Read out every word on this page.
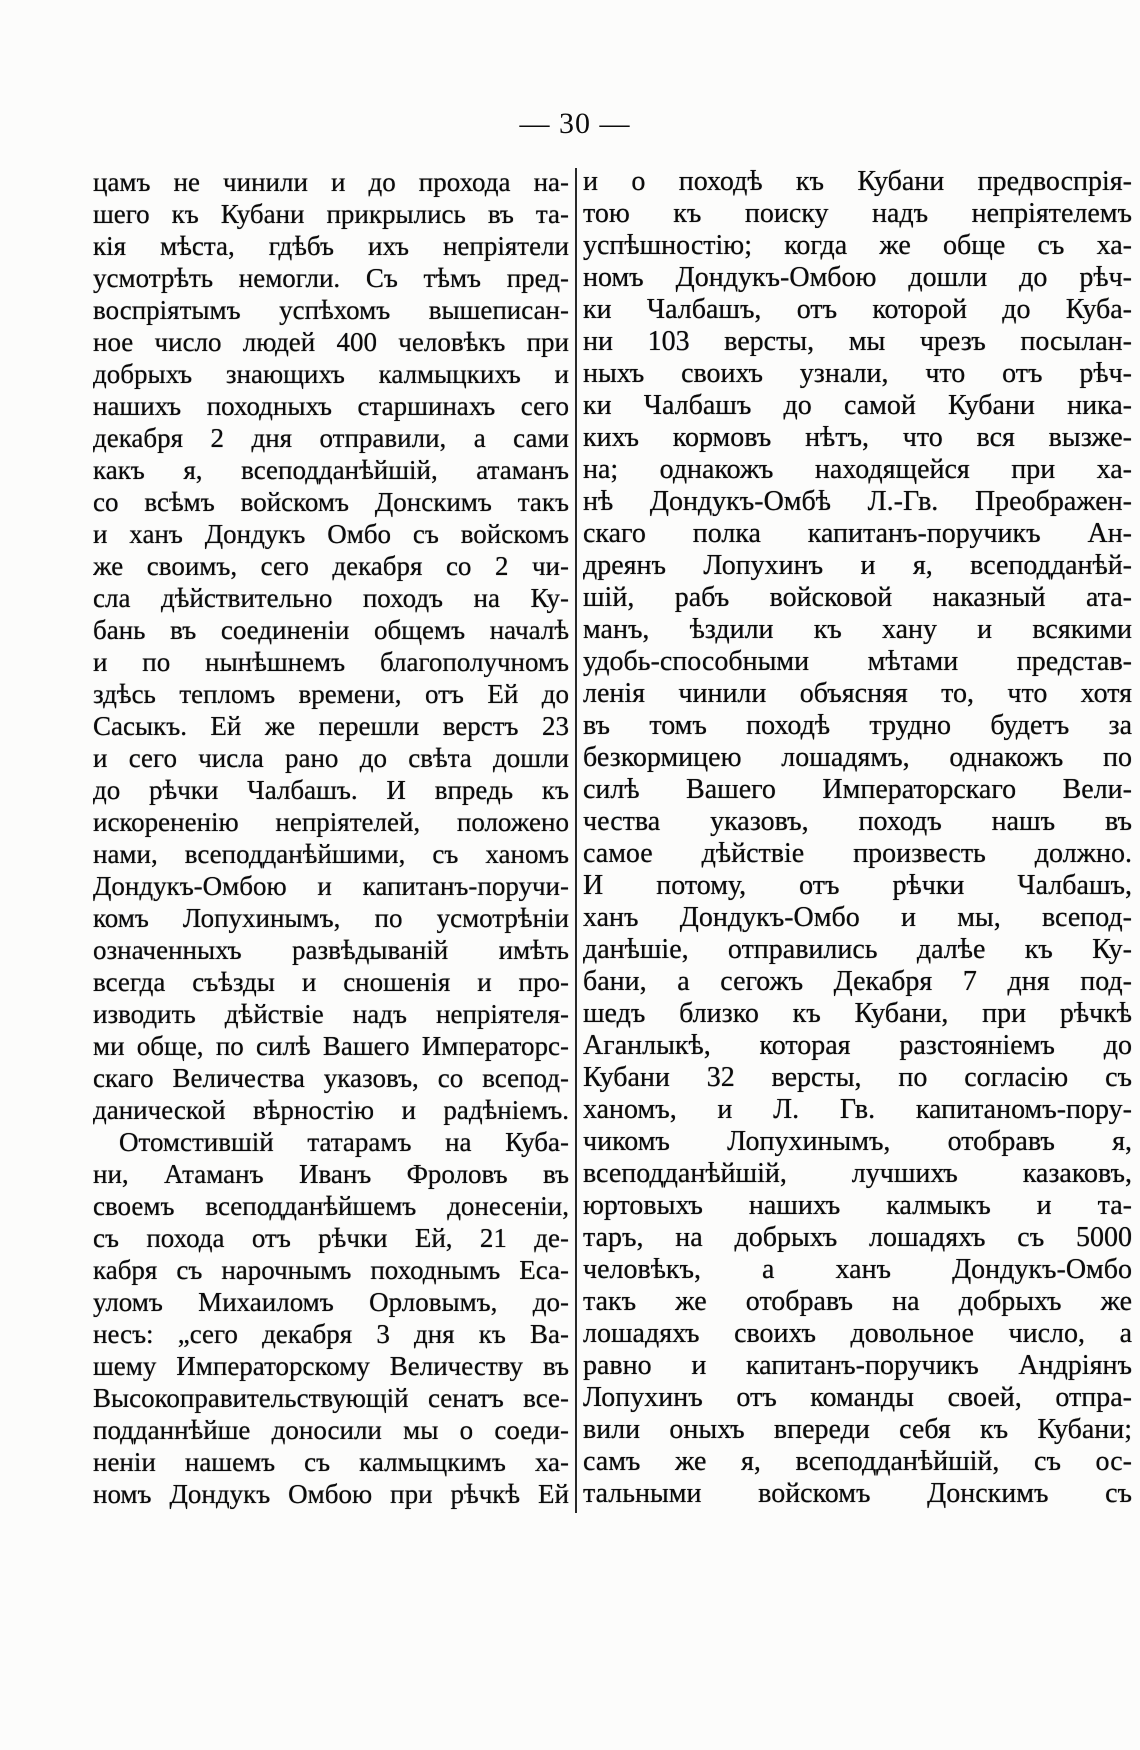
— 30 —
цамъ не чинили и до прохода на-
шего къ Кубани прикрылись въ та-
кія мѣста, гдѣбъ ихъ непріятели
усмотрѣть немогли. Съ тѣмъ пред-
воспріятымъ успѣхомъ вышеписан-
ное число людей 400 человѣкъ при
добрыхъ знающихъ калмыцкихъ и
нашихъ походныхъ старшинахъ сего
декабря 2 дня отправили, а сами
какъ я, всеподданѣйшій, атаманъ
со всѣмъ войскомъ Донскимъ такъ
и ханъ Дондукъ Омбо съ войскомъ
же своимъ, сего декабря со 2 чи-
сла дѣйствительно походъ на Ку-
бань въ соединеніи общемъ началѣ
и по нынѣшнемъ благополучномъ
здѣсь тепломъ времени, отъ Ей до
Сасыкъ. Ей же перешли верстъ 23
и сего числа рано до свѣта дошли
до рѣчки Чалбашъ. И впредь къ
искорененію непріятелей, положено
нами, всеподданѣйшими, съ ханомъ
Дондукъ-Омбою и капитанъ-поручи-
комъ Лопухинымъ, по усмотрѣніи
означенныхъ развѣдываній имѣть
всегда съѣзды и сношенія и про-
изводить дѣйствіе надъ непріятеля-
ми обще, по силѣ Вашего Императорс-
скаго Величества указовъ, со всепод-
данической вѣрностію и радѣніемъ.
Отомстившій татарамъ на Куба-
ни, Атаманъ Иванъ Фроловъ въ
своемъ всеподданѣйшемъ донесеніи,
съ похода отъ рѣчки Ей, 21 де-
кабря съ нарочнымъ походнымъ Еса-
уломъ Михаиломъ Орловымъ, до-
несъ: „сего декабря 3 дня къ Ва-
шему Императорскому Величеству въ
Высокоправительствующій сенатъ все-
подданнѣйше доносили мы о соеди-
неніи нашемъ съ калмыцкимъ ха-
номъ Дондукъ Омбою при рѣчкѣ Ей
и о походѣ къ Кубани предвоспрія-
тою къ поиску надъ непріятелемъ
успѣшностію; когда же обще съ ха-
номъ Дондукъ-Омбою дошли до рѣч-
ки Чалбашъ, отъ которой до Куба-
ни 103 версты, мы чрезъ посылан-
ныхъ своихъ узнали, что отъ рѣч-
ки Чалбашъ до самой Кубани ника-
кихъ кормовъ нѣтъ, что вся вызже-
на; однакожъ находящейся при ха-
нѣ Дондукъ-Омбѣ Л.-Гв. Преображен-
скаго полка капитанъ-поручикъ Ан-
дреянъ Лопухинъ и я, всеподданѣй-
шій, рабъ войсковой наказный ата-
манъ, ѣздили къ хану и всякими
удобь-способными мѣтами представ-
ленія чинили объясняя то, что хотя
въ томъ походѣ трудно будетъ за
безкормицею лошадямъ, однакожъ по
силѣ Вашего Императорскаго Вели-
чества указовъ, походъ нашъ въ
самое дѣйствіе произвесть должно.
И потому, отъ рѣчки Чалбашъ,
ханъ Дондукъ-Омбо и мы, всепод-
данѣшіе, отправились далѣе къ Ку-
бани, а сегожъ Декабря 7 дня под-
шедъ близко къ Кубани, при рѣчкѣ
Аганлыкѣ, которая разстояніемъ до
Кубани 32 версты, по согласію съ
ханомъ, и Л. Гв. капитаномъ-пору-
чикомъ Лопухинымъ, отобравъ я,
всеподданѣйшій, лучшихъ казаковъ,
юртовыхъ нашихъ калмыкъ и та-
таръ, на добрыхъ лошадяхъ съ 5000
человѣкъ, а ханъ Дондукъ-Омбо
такъ же отобравъ на добрыхъ же
лошадяхъ своихъ довольное число, а
равно и капитанъ-поручикъ Андріянъ
Лопухинъ отъ команды своей, отпра-
вили оныхъ впереди себя къ Кубани;
самъ же я, всеподданѣйшій, съ ос-
тальными войскомъ Донскимъ съ
